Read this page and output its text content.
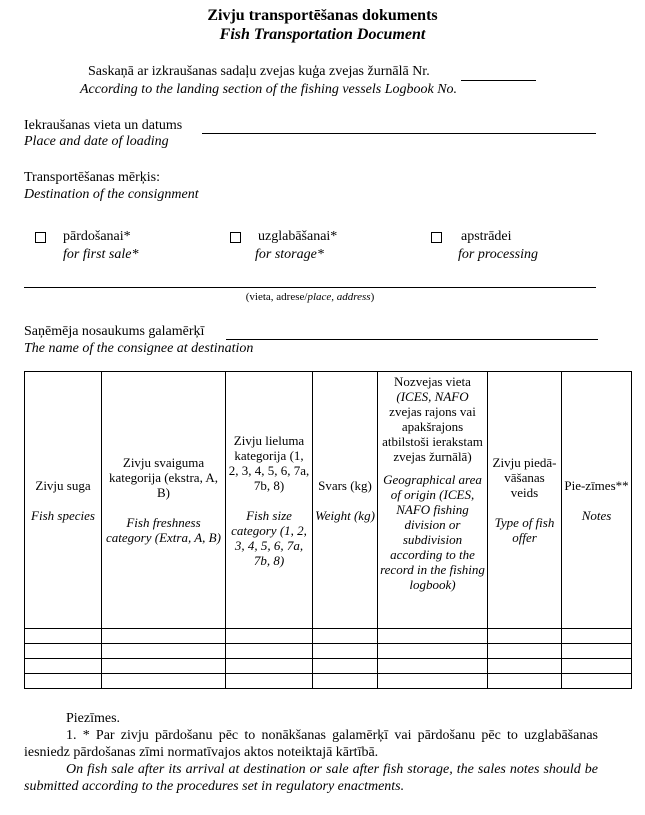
Zivju transportēšanas dokuments
Fish Transportation Document
Saskaņā ar izkraušanas sadaļu zvejas kuģa zvejas žurnālā Nr.
According to the landing section of the fishing vessels Logbook No.
Iekraušanas vieta un datums
Place and date of loading
Transportēšanas mērķis:
Destination of the consignment
pārdošanai*
for first sale*
uzglabāšanai*
for storage*
apstrādei
for processing
(vieta, adrese/place, address)
Saņēmēja nosaukums galamērķī
The name of the consignee at destination
Zivju suga
Fish species	Zivju svaiguma kategorija (ekstra, A, B)
Fish freshness category (Extra, A, B)	Zivju lieluma kategorija (1, 2, 3, 4, 5, 6, 7a, 7b, 8)
Fish size category (1, 2, 3, 4, 5, 6, 7a, 7b, 8)	Svars (kg)
Weight (kg)	Nozvejas vieta (ICES, NAFO zvejas rajons vai apakšrajons atbilstoši ierakstam zvejas žurnālā)
Geographical area of origin (ICES, NAFO fishing division or subdivision according to the record in the fishing logbook)	Zivju piedā-vāšanas veids
Type of fish offer	Pie-zīmes**
Notes

Piezīmes.

1. * Par zivju pārdošanu pēc to nonākšanas galamērķī vai pārdošanu pēc to uzglabāšanas iesniedz pārdošanas zīmi normatīvajos aktos noteiktajā kārtībā.

On fish sale after its arrival at destination or sale after fish storage, the sales notes should be submitted according to the procedures set in regulatory enactments.
